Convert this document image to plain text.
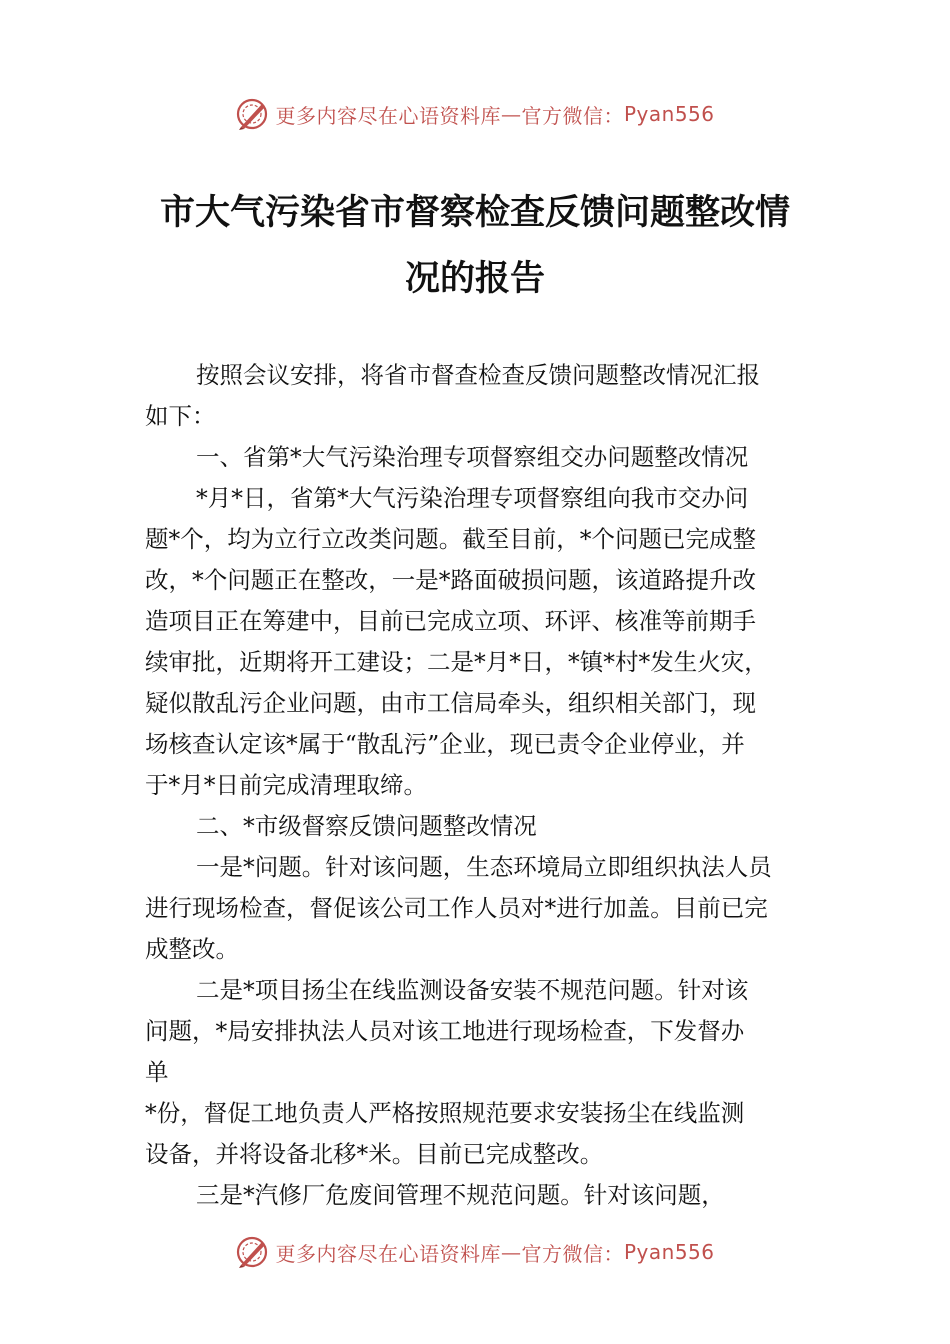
更多内容尽在心语资料库 — 官方微信： Pyan556
市大气污染省市督察检查反馈问题整改情
况的报告

按照会议安排，将省市督查检查反馈问题整改情况汇报

如下：

一、省第*大气污染治理专项督察组交办问题整改情况

*月*日，省第*大气污染治理专项督察组向我市交办问

题*个，均为立行立改类问题。截至目前，*个问题已完成整

改，*个问题正在整改，一是*路面破损问题，该道路提升改

造项目正在筹建中，目前已完成立项、环评、核准等前期手

续审批，近期将开工建设；二是*月*日，*镇*村*发生火灾，

疑似散乱污企业问题，由市工信局牵头，组织相关部门，现

场核查认定该*属于“散乱污”企业，现已责令企业停业，并

于*月*日前完成清理取缔。

二、*市级督察反馈问题整改情况

一是*问题。针对该问题，生态环境局立即组织执法人员

进行现场检查，督促该公司工作人员对*进行加盖。目前已完

成整改。

二是*项目扬尘在线监测设备安装不规范问题。针对该

问题，*局安排执法人员对该工地进行现场检查，下发督办

单

*份，督促工地负责人严格按照规范要求安装扬尘在线监测

设备，并将设备北移*米。目前已完成整改。

三是*汽修厂危废间管理不规范问题。针对该问题，

更多内容尽在心语资料库 — 官方微信： Pyan556
